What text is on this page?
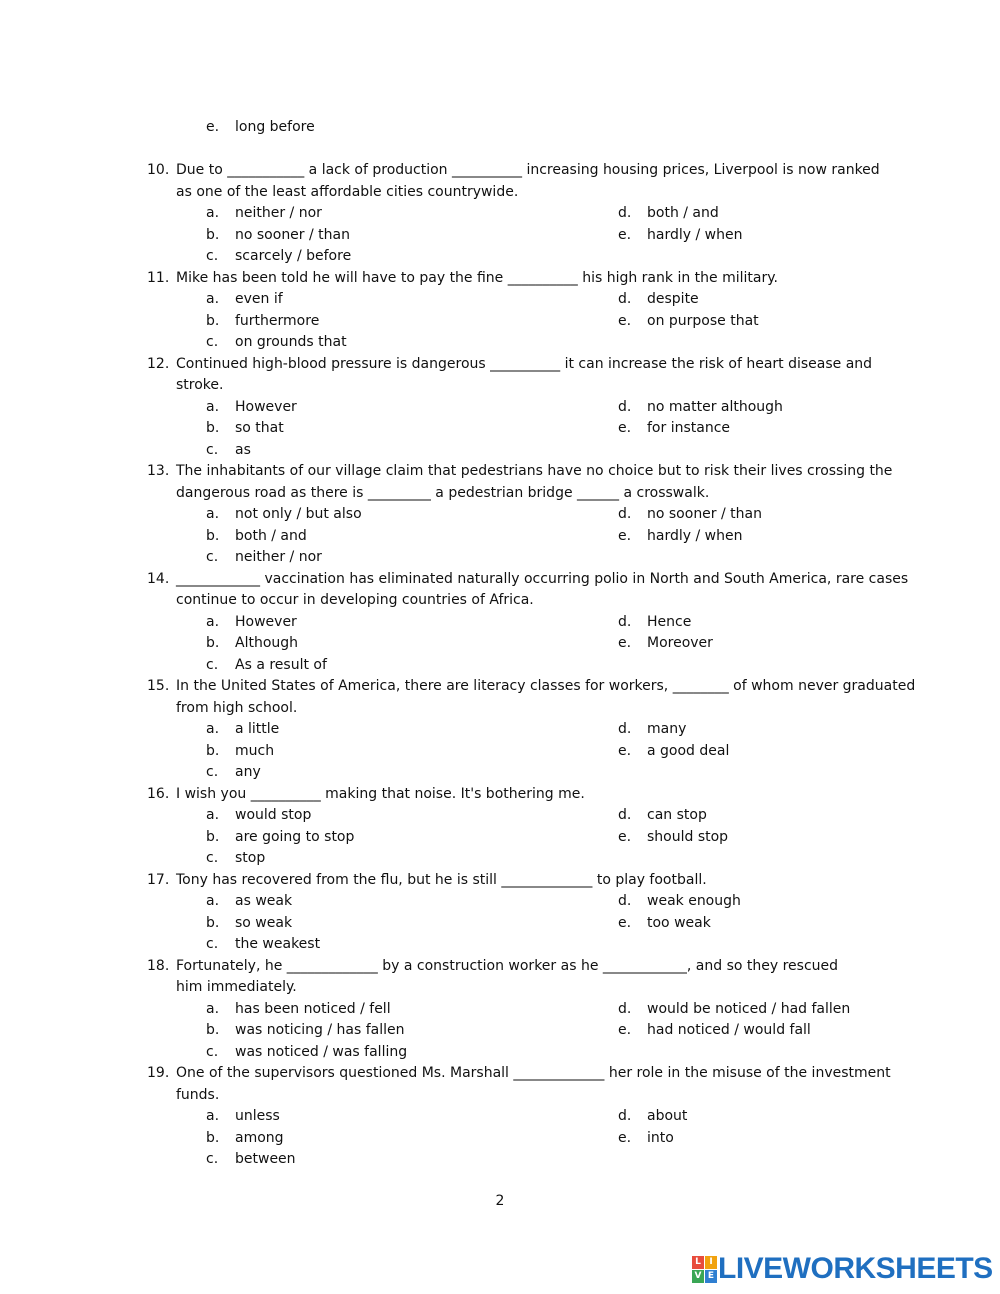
e. long before
10. Due to ___________ a lack of production __________ increasing housing prices, Liverpool is now ranked
as one of the least affordable cities countrywide.
a. neither / nor	d. both / and
b. no sooner / than	e. hardly / when
c. scarcely / before
11. Mike has been told he will have to pay the fine __________ his high rank in the military.
a. even if	d. despite
b. furthermore	e. on purpose that
c. on grounds that
12. Continued high-blood pressure is dangerous __________ it can increase the risk of heart disease and
stroke.
a. However	d. no matter although
b. so that	e. for instance
c. as
13. The inhabitants of our village claim that pedestrians have no choice but to risk their lives crossing the
dangerous road as there is _________ a pedestrian bridge ______ a crosswalk.
a. not only / but also	d. no sooner / than
b. both / and	e. hardly / when
c. neither / nor
14. ____________ vaccination has eliminated naturally occurring polio in North and South America, rare cases
continue to occur in developing countries of Africa.
a. However	d. Hence
b. Although	e. Moreover
c. As a result of
15. In the United States of America, there are literacy classes for workers, ________ of whom never graduated
from high school.
a. a little	d. many
b. much	e. a good deal
c. any
16. I wish you __________ making that noise. It's bothering me.
a. would stop	d. can stop
b. are going to stop	e. should stop
c. stop
17. Tony has recovered from the flu, but he is still _____________ to play football.
a. as weak	d. weak enough
b. so weak	e. too weak
c. the weakest
18. Fortunately, he _____________ by a construction worker as he ____________, and so they rescued
him immediately.
a. has been noticed / fell	d. would be noticed / had fallen
b. was noticing / has fallen	e. had noticed / would fall
c. was noticed / was falling
19. One of the supervisors questioned Ms. Marshall _____________ her role in the misuse of the investment
funds.
a. unless	d. about
b. among	e. into
c. between
2
L I
V E LIVEWORKSHEETS
